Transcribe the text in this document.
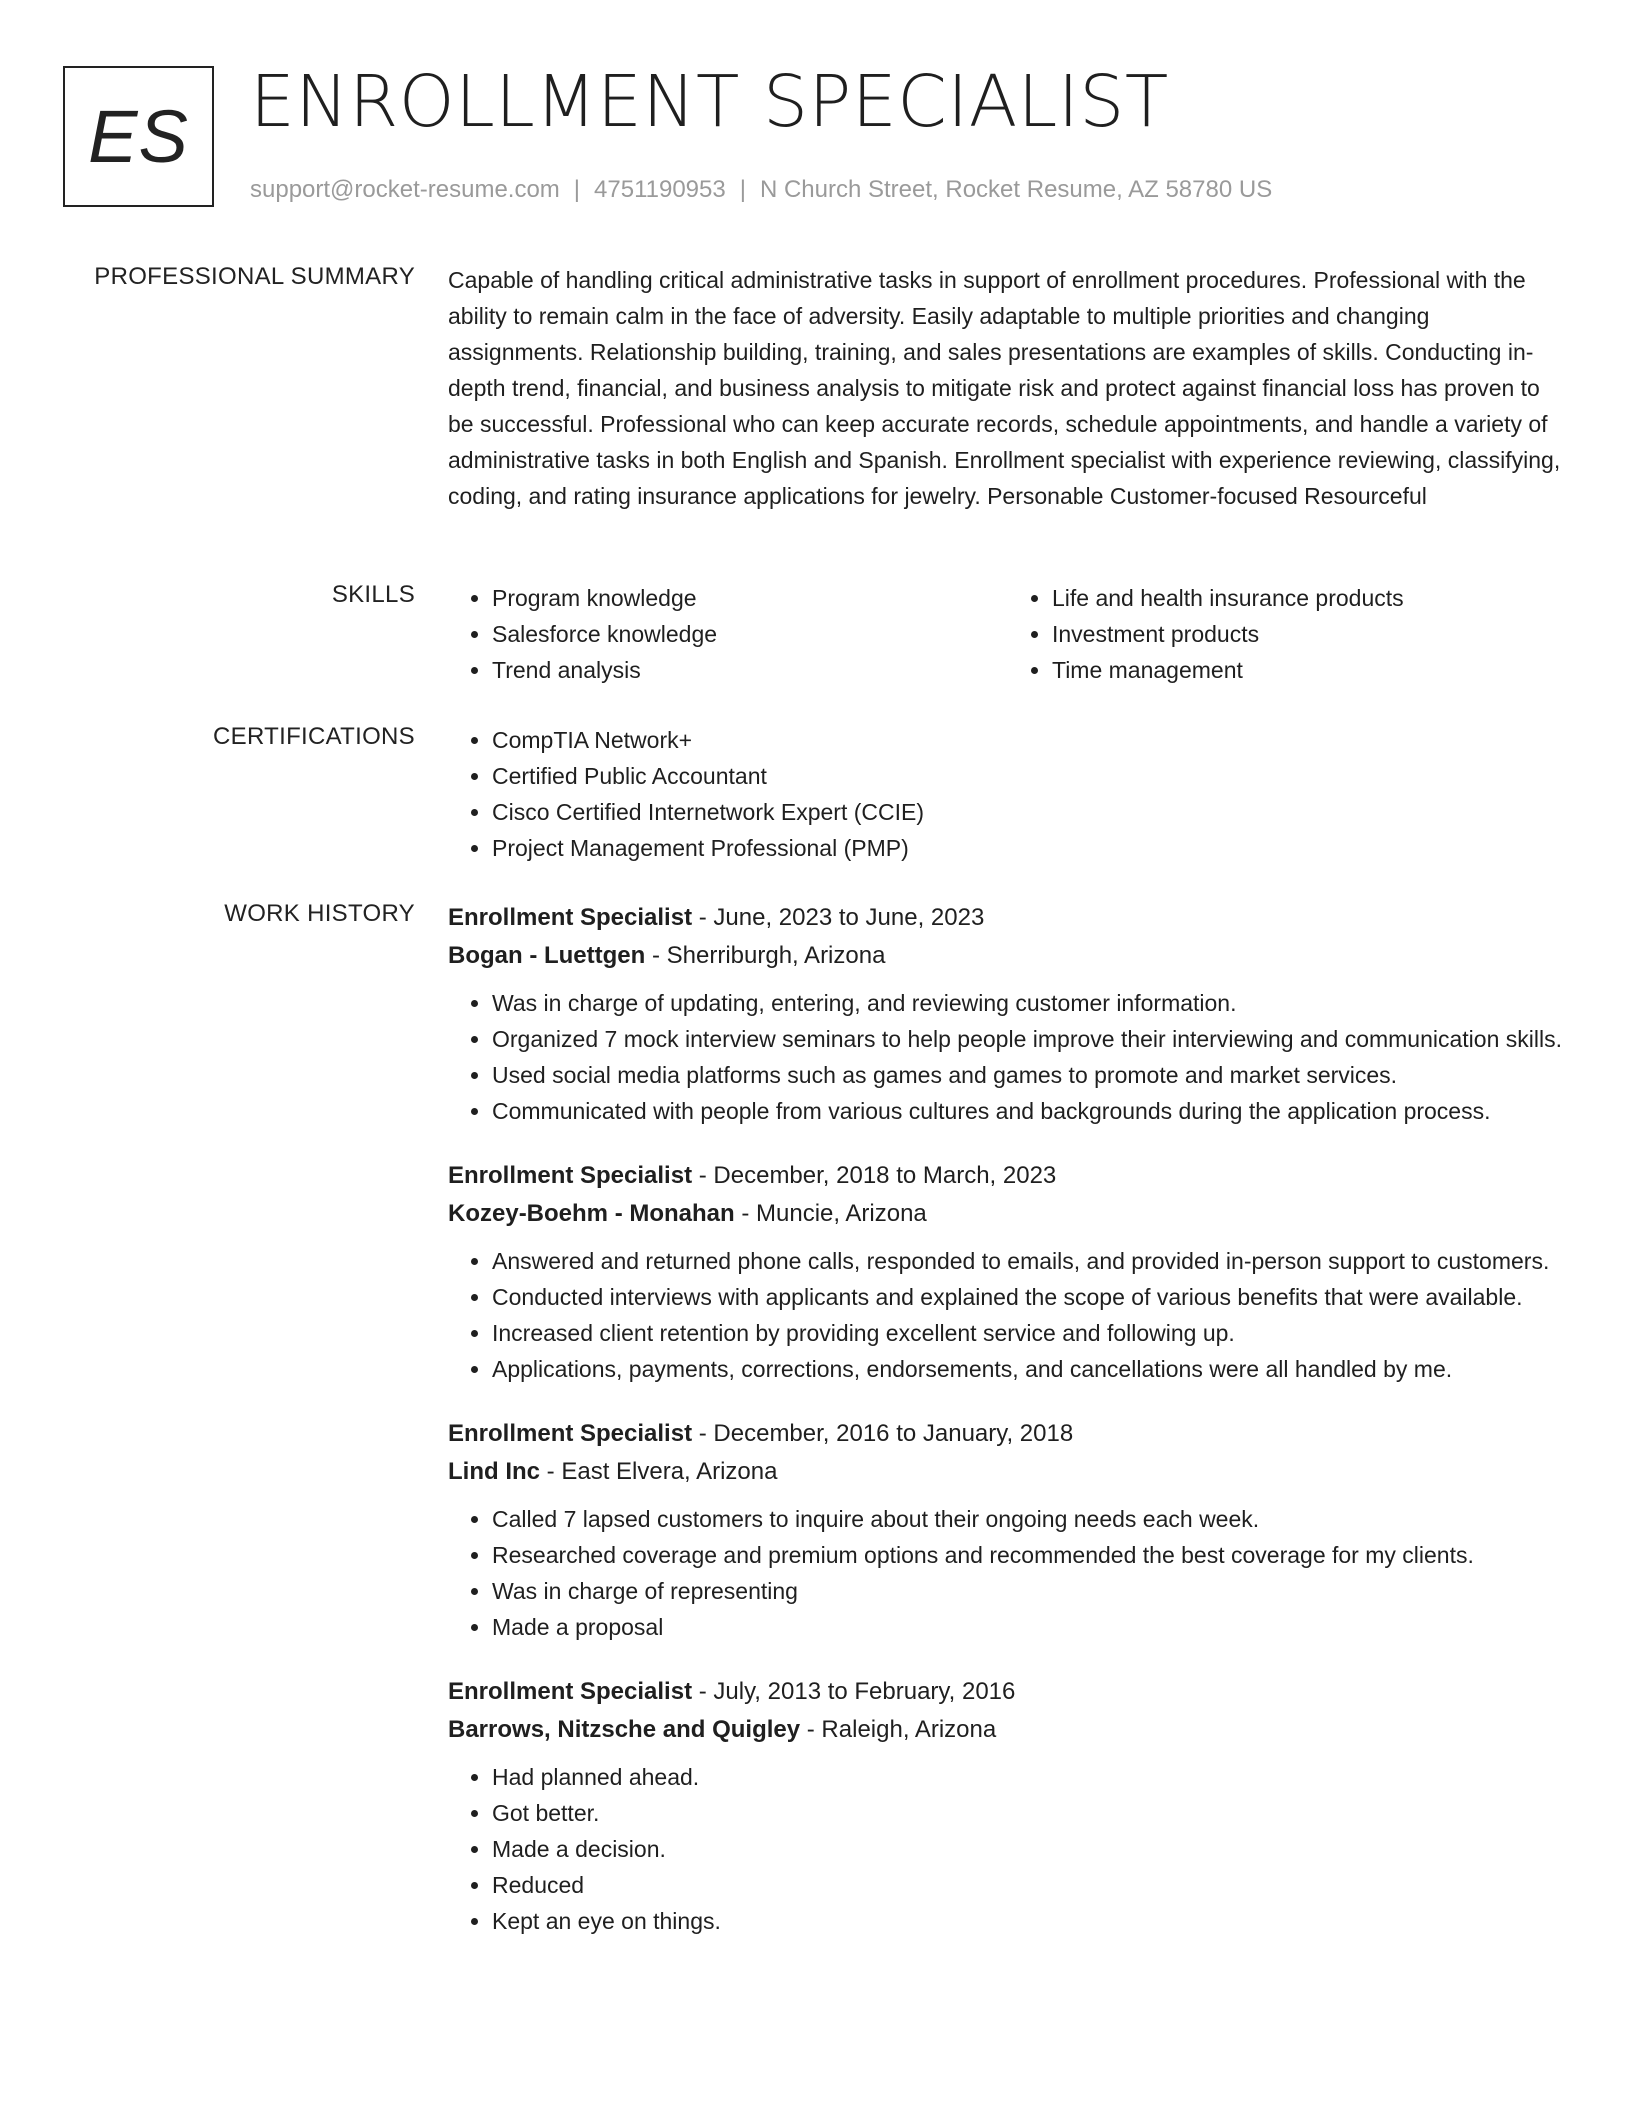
ES ENROLLMENT SPECIALIST
support@rocket-resume.com | 4751190953 | N Church Street, Rocket Resume, AZ 58780 US
PROFESSIONAL SUMMARY Capable of handling critical administrative tasks in support of enrollment procedures. Professional with the ability to remain calm in the face of adversity. Easily adaptable to multiple priorities and changing assignments. Relationship building, training, and sales presentations are examples of skills. Conducting in-depth trend, financial, and business analysis to mitigate risk and protect against financial loss has proven to be successful. Professional who can keep accurate records, schedule appointments, and handle a variety of administrative tasks in both English and Spanish. Enrollment specialist with experience reviewing, classifying, coding, and rating insurance applications for jewelry. Personable Customer-focused Resourceful

SKILLS	• Program knowledge
• Salesforce knowledge
• Trend analysis
• Life and health insurance products
• Investment products
• Time management
CERTIFICATIONS	• CompTIA Network+
• Certified Public Accountant
• Cisco Certified Internetwork Expert (CCIE)
• Project Management Professional (PMP)
WORK HISTORY Enrollment Specialist - June, 2023 to June, 2023
Bogan - Luettgen - Sherriburgh, Arizona
• Was in charge of updating, entering, and reviewing customer information.
• Organized 7 mock interview seminars to help people improve their interviewing and communication skills.
• Used social media platforms such as games and games to promote and market services.
• Communicated with people from various cultures and backgrounds during the application process.
Enrollment Specialist - December, 2018 to March, 2023
Kozey-Boehm - Monahan - Muncie, Arizona
• Answered and returned phone calls, responded to emails, and provided in-person support to customers.
• Conducted interviews with applicants and explained the scope of various benefits that were available.
• Increased client retention by providing excellent service and following up.
• Applications, payments, corrections, endorsements, and cancellations were all handled by me.
Enrollment Specialist - December, 2016 to January, 2018
Lind Inc - East Elvera, Arizona
• Called 7 lapsed customers to inquire about their ongoing needs each week.
• Researched coverage and premium options and recommended the best coverage for my clients.
• Was in charge of representing
• Made a proposal
Enrollment Specialist - July, 2013 to February, 2016
Barrows, Nitzsche and Quigley - Raleigh, Arizona
• Had planned ahead.
• Got better.
• Made a decision.
• Reduced
• Kept an eye on things.
